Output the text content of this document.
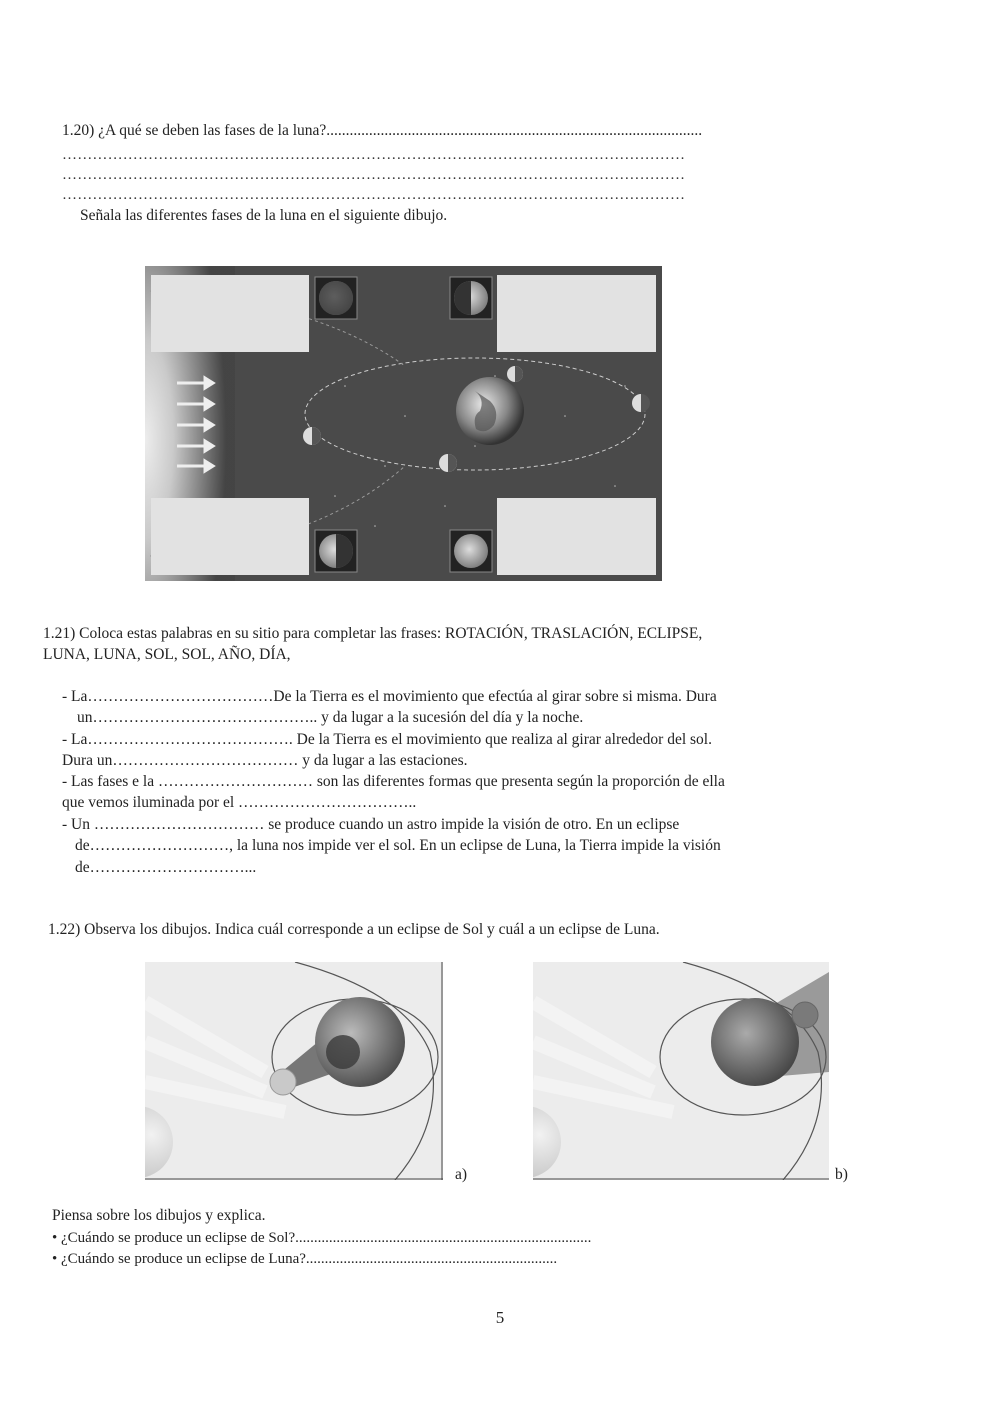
1.20) ¿A qué se deben las fases de la luna?.................................................................................................
……………………………………………………………………………………………………………
……………………………………………………………………………………………………………
……………………………………………………………………………………………………………
Señala las diferentes fases de la luna en el siguiente dibujo.
1.21) Coloca estas palabras en su sitio para completar las frases: ROTACIÓN, TRASLACIÓN, ECLIPSE,
LUNA, LUNA, SOL, SOL, AÑO, DÍA,
- La………………………………De la Tierra es el movimiento que efectúa al girar sobre si misma. Dura
un…………………………………….. y da lugar a la sucesión del día y la noche.
- La…………………………………. De la Tierra es el movimiento que realiza al girar alrededor del sol.
Dura un……………………………… y da lugar a las estaciones.
- Las fases e la ………………………… son las diferentes formas que presenta según la proporción de ella
que vemos iluminada por el ……………………………..
- Un …………………………… se produce cuando un astro impide la visión de otro. En un eclipse
de………………………, la luna nos impide ver el sol. En un eclipse de Luna, la Tierra impide la visión
de…………………………...
1.22) Observa los dibujos. Indica cuál corresponde a un eclipse de Sol y cuál a un eclipse de Luna.
a)	b)
Piensa sobre los dibujos y explica.
• ¿Cuándo se produce un eclipse de Sol?...............................................................................
• ¿Cuándo se produce un eclipse de Luna?...................................................................
5
